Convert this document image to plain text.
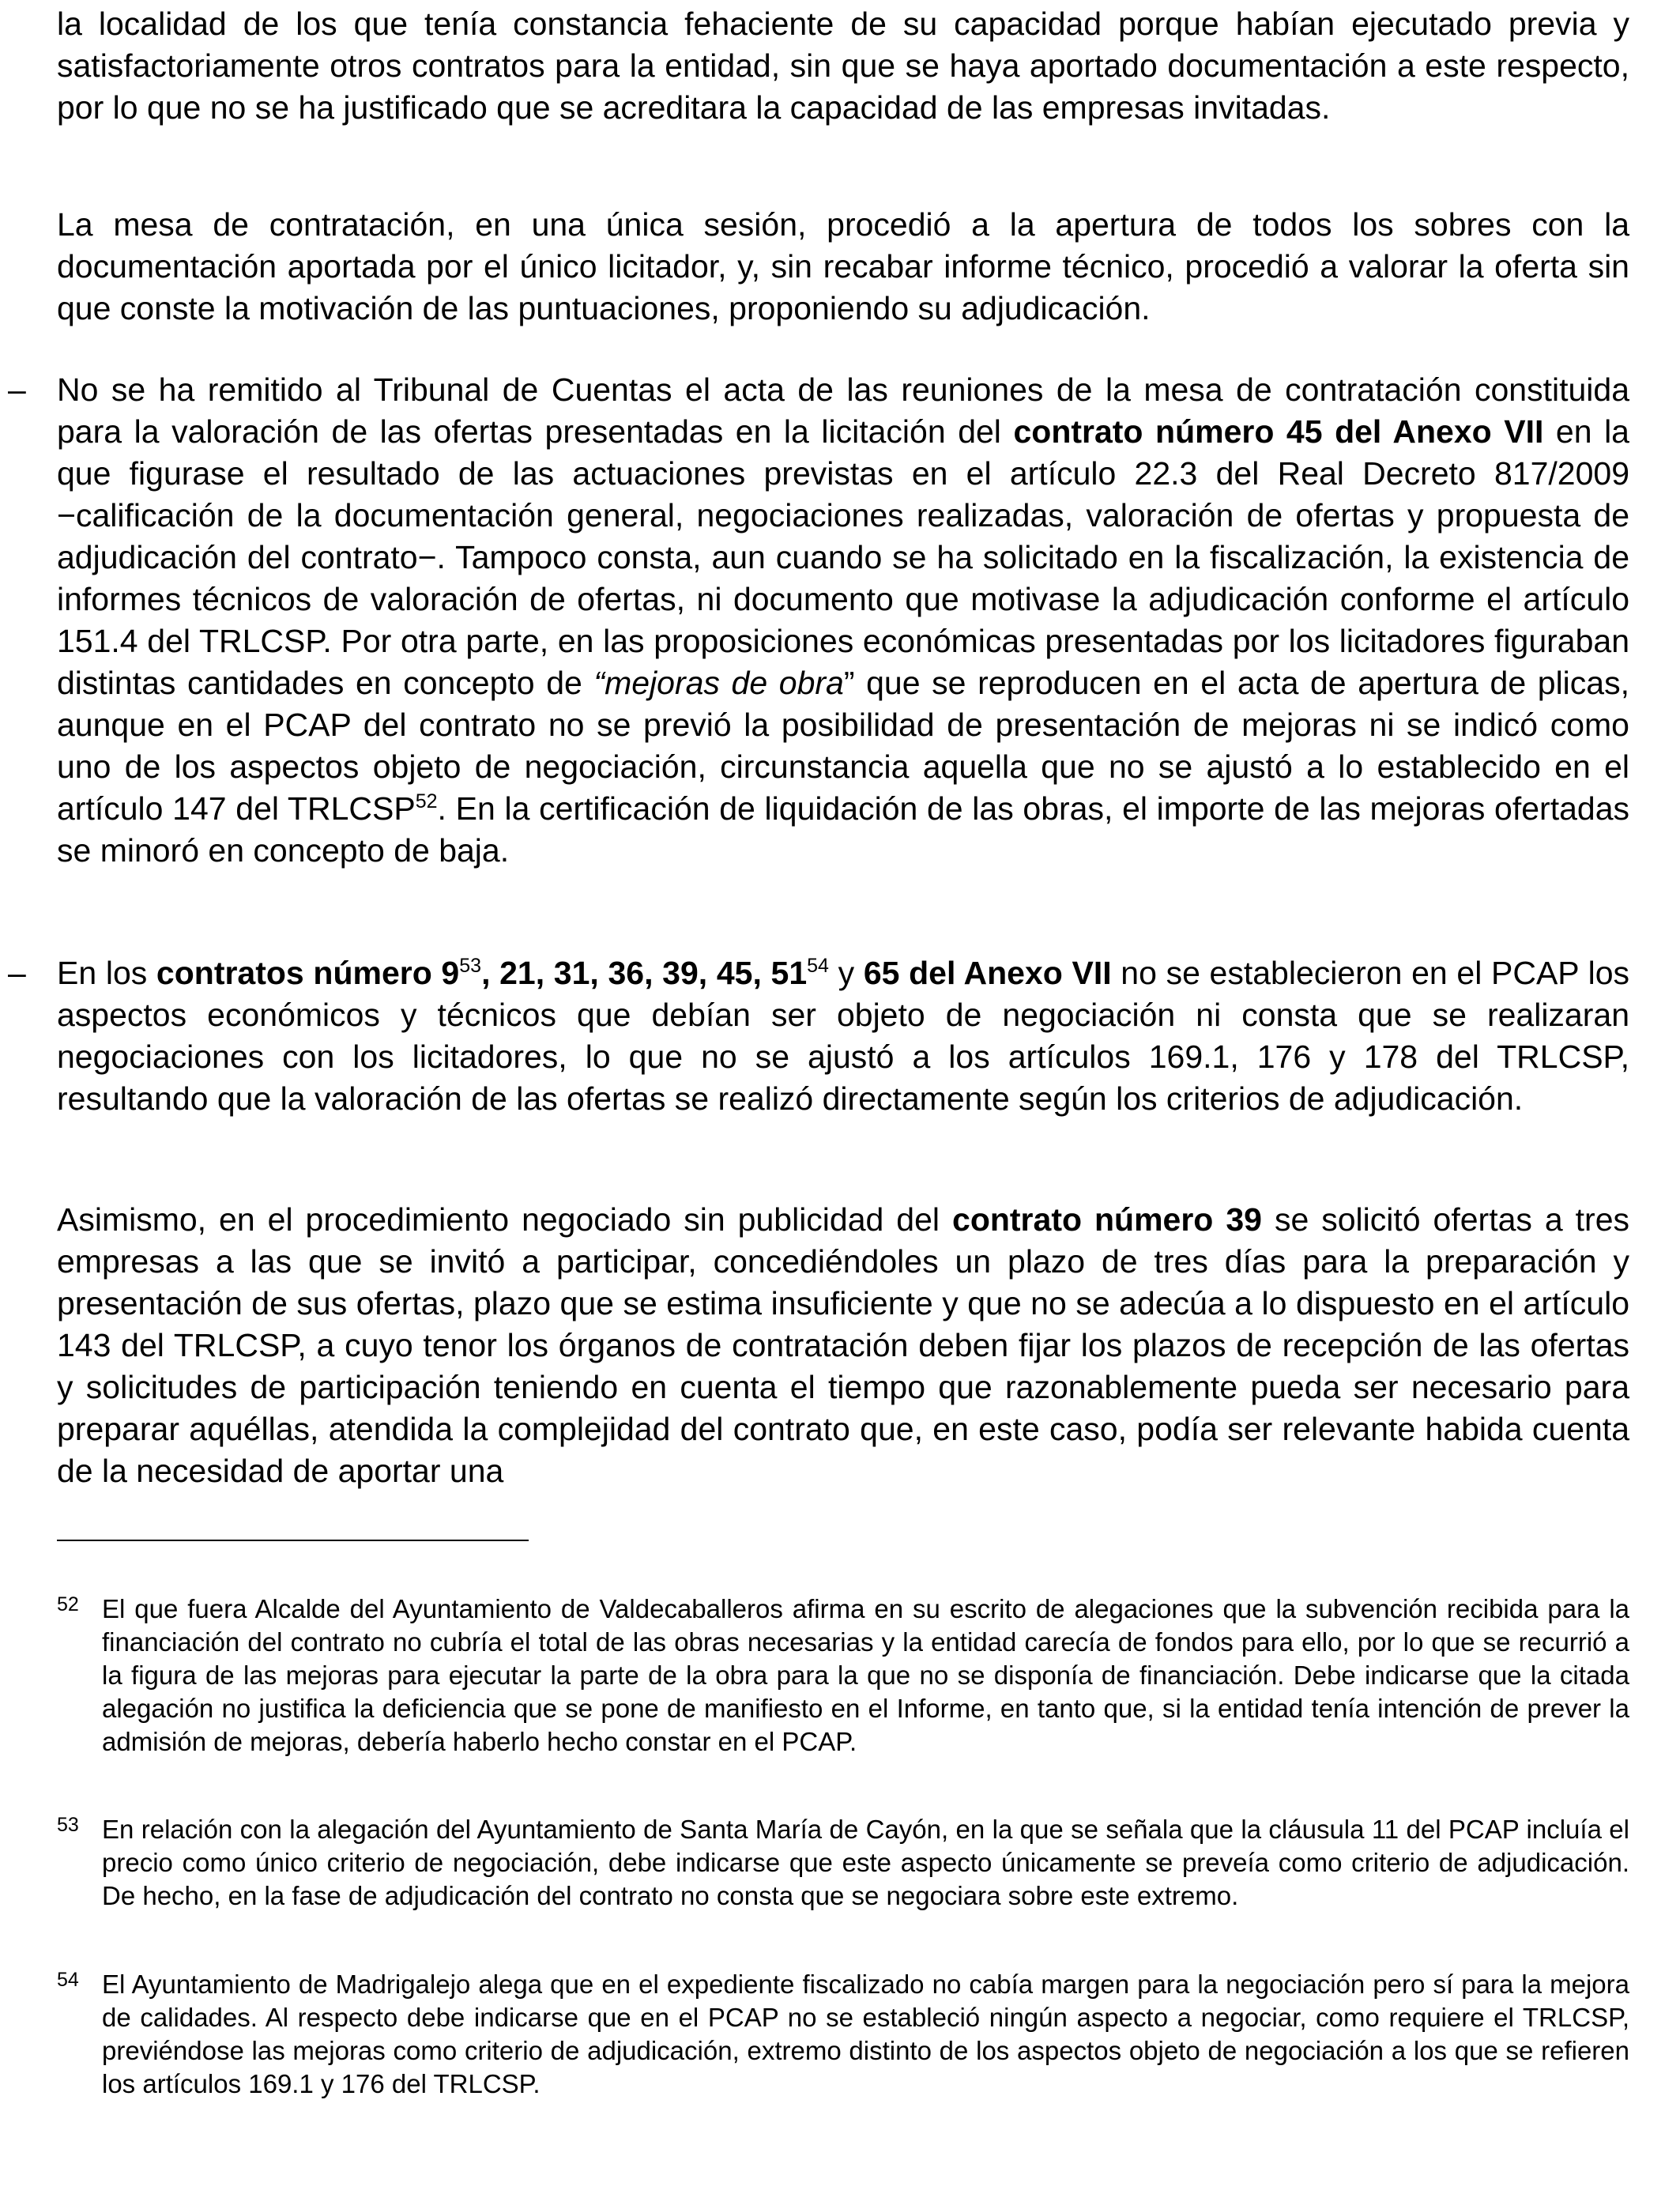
la localidad de los que tenía constancia fehaciente de su capacidad porque habían ejecutado previa y satisfactoriamente otros contratos para la entidad, sin que se haya aportado documentación a este respecto, por lo que no se ha justificado que se acreditara la capacidad de las empresas invitadas.

La mesa de contratación, en una única sesión, procedió a la apertura de todos los sobres con la documentación aportada por el único licitador, y, sin recabar informe técnico, procedió a valorar la oferta sin que conste la motivación de las puntuaciones, proponiendo su adjudicación.

– No se ha remitido al Tribunal de Cuentas el acta de las reuniones de la mesa de contratación constituida para la valoración de las ofertas presentadas en la licitación del contrato número 45 del Anexo VII en la que figurase el resultado de las actuaciones previstas en el artículo 22.3 del Real Decreto 817/2009 −calificación de la documentación general, negociaciones realizadas, valoración de ofertas y propuesta de adjudicación del contrato−. Tampoco consta, aun cuando se ha solicitado en la fiscalización, la existencia de informes técnicos de valoración de ofertas, ni documento que motivase la adjudicación conforme el artículo 151.4 del TRLCSP. Por otra parte, en las proposiciones económicas presentadas por los licitadores figuraban distintas cantidades en concepto de “mejoras de obra” que se reproducen en el acta de apertura de plicas, aunque en el PCAP del contrato no se previó la posibilidad de presentación de mejoras ni se indicó como uno de los aspectos objeto de negociación, circunstancia aquella que no se ajustó a lo establecido en el artículo 147 del TRLCSP$^{52}$. En la certificación de liquidación de las obras, el importe de las mejoras ofertadas se minoró en concepto de baja.

– En los contratos número $9^{53}$, 21, 31, 36, 39, 45, $51^{54}$ y 65 del Anexo VII no se establecieron en el PCAP los aspectos económicos y técnicos que debían ser objeto de negociación ni consta que se realizaran negociaciones con los licitadores, lo que no se ajustó a los artículos 169.1, 176 y 178 del TRLCSP, resultando que la valoración de las ofertas se realizó directamente según los criterios de adjudicación.

Asimismo, en el procedimiento negociado sin publicidad del contrato número 39 se solicitó ofertas a tres empresas a las que se invitó a participar, concediéndoles un plazo de tres días para la preparación y presentación de sus ofertas, plazo que se estima insuficiente y que no se adecúa a lo dispuesto en el artículo 143 del TRLCSP, a cuyo tenor los órganos de contratación deben fijar los plazos de recepción de las ofertas y solicitudes de participación teniendo en cuenta el tiempo que razonablemente pueda ser necesario para preparar aquéllas, atendida la complejidad del contrato que, en este caso, podía ser relevante habida cuenta de la necesidad de aportar una

52 El que fuera Alcalde del Ayuntamiento de Valdecaballeros afirma en su escrito de alegaciones que la subvención recibida para la financiación del contrato no cubría el total de las obras necesarias y la entidad carecía de fondos para ello, por lo que se recurrió a la figura de las mejoras para ejecutar la parte de la obra para la que no se disponía de financiación. Debe indicarse que la citada alegación no justifica la deficiencia que se pone de manifiesto en el Informe, en tanto que, si la entidad tenía intención de prever la admisión de mejoras, debería haberlo hecho constar en el PCAP.
53 En relación con la alegación del Ayuntamiento de Santa María de Cayón, en la que se señala que la cláusula 11 del PCAP incluía el precio como único criterio de negociación, debe indicarse que este aspecto únicamente se preveía como criterio de adjudicación. De hecho, en la fase de adjudicación del contrato no consta que se negociara sobre este extremo.
54 El Ayuntamiento de Madrigalejo alega que en el expediente fiscalizado no cabía margen para la negociación pero sí para la mejora de calidades. Al respecto debe indicarse que en el PCAP no se estableció ningún aspecto a negociar, como requiere el TRLCSP, previéndose las mejoras como criterio de adjudicación, extremo distinto de los aspectos objeto de negociación a los que se refieren los artículos 169.1 y 176 del TRLCSP.
